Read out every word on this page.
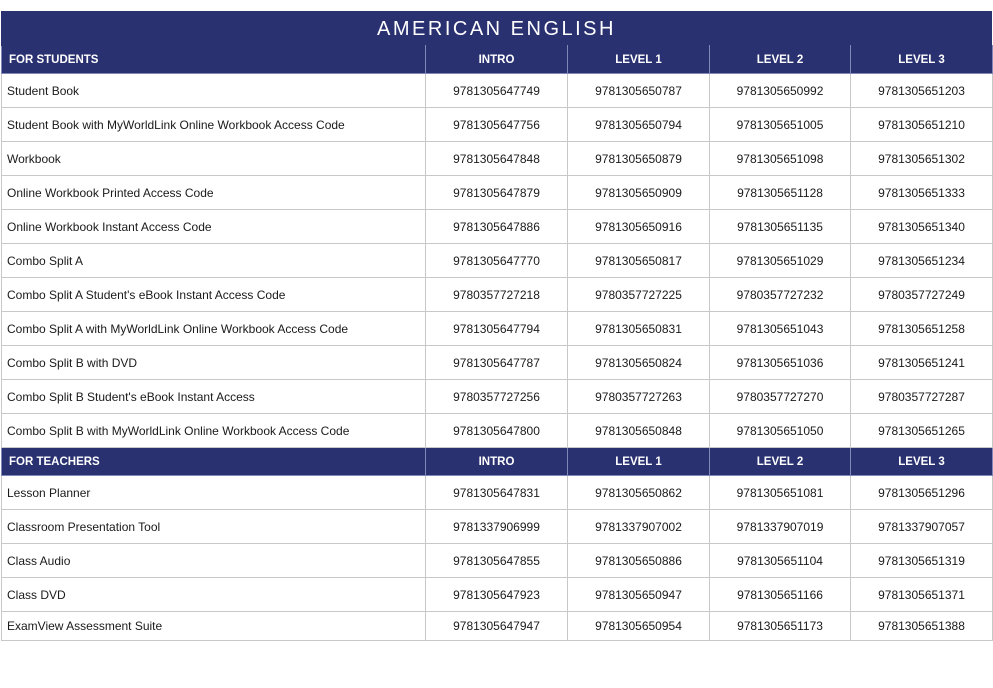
AMERICAN ENGLISH
FOR STUDENTS	INTRO	LEVEL 1	LEVEL 2	LEVEL 3
Student Book	9781305647749	9781305650787	9781305650992	9781305651203
Student Book with MyWorldLink Online Workbook Access Code	9781305647756	9781305650794	9781305651005	9781305651210
Workbook	9781305647848	9781305650879	9781305651098	9781305651302
Online Workbook Printed Access Code	9781305647879	9781305650909	9781305651128	9781305651333
Online Workbook Instant Access Code	9781305647886	9781305650916	9781305651135	9781305651340
Combo Split A	9781305647770	9781305650817	9781305651029	9781305651234
Combo Split A Student's eBook Instant Access Code	9780357727218	9780357727225	9780357727232	9780357727249
Combo Split A with MyWorldLink Online Workbook Access Code	9781305647794	9781305650831	9781305651043	9781305651258
Combo Split B with DVD	9781305647787	9781305650824	9781305651036	9781305651241
Combo Split B Student's eBook Instant Access	9780357727256	9780357727263	9780357727270	9780357727287
Combo Split B with MyWorldLink Online Workbook Access Code	9781305647800	9781305650848	9781305651050	9781305651265
FOR TEACHERS	INTRO	LEVEL 1	LEVEL 2	LEVEL 3
Lesson Planner	9781305647831	9781305650862	9781305651081	9781305651296
Classroom Presentation Tool	9781337906999	9781337907002	9781337907019	9781337907057
Class Audio	9781305647855	9781305650886	9781305651104	9781305651319
Class DVD	9781305647923	9781305650947	9781305651166	9781305651371
ExamView Assessment Suite	9781305647947	9781305650954	9781305651173	9781305651388
